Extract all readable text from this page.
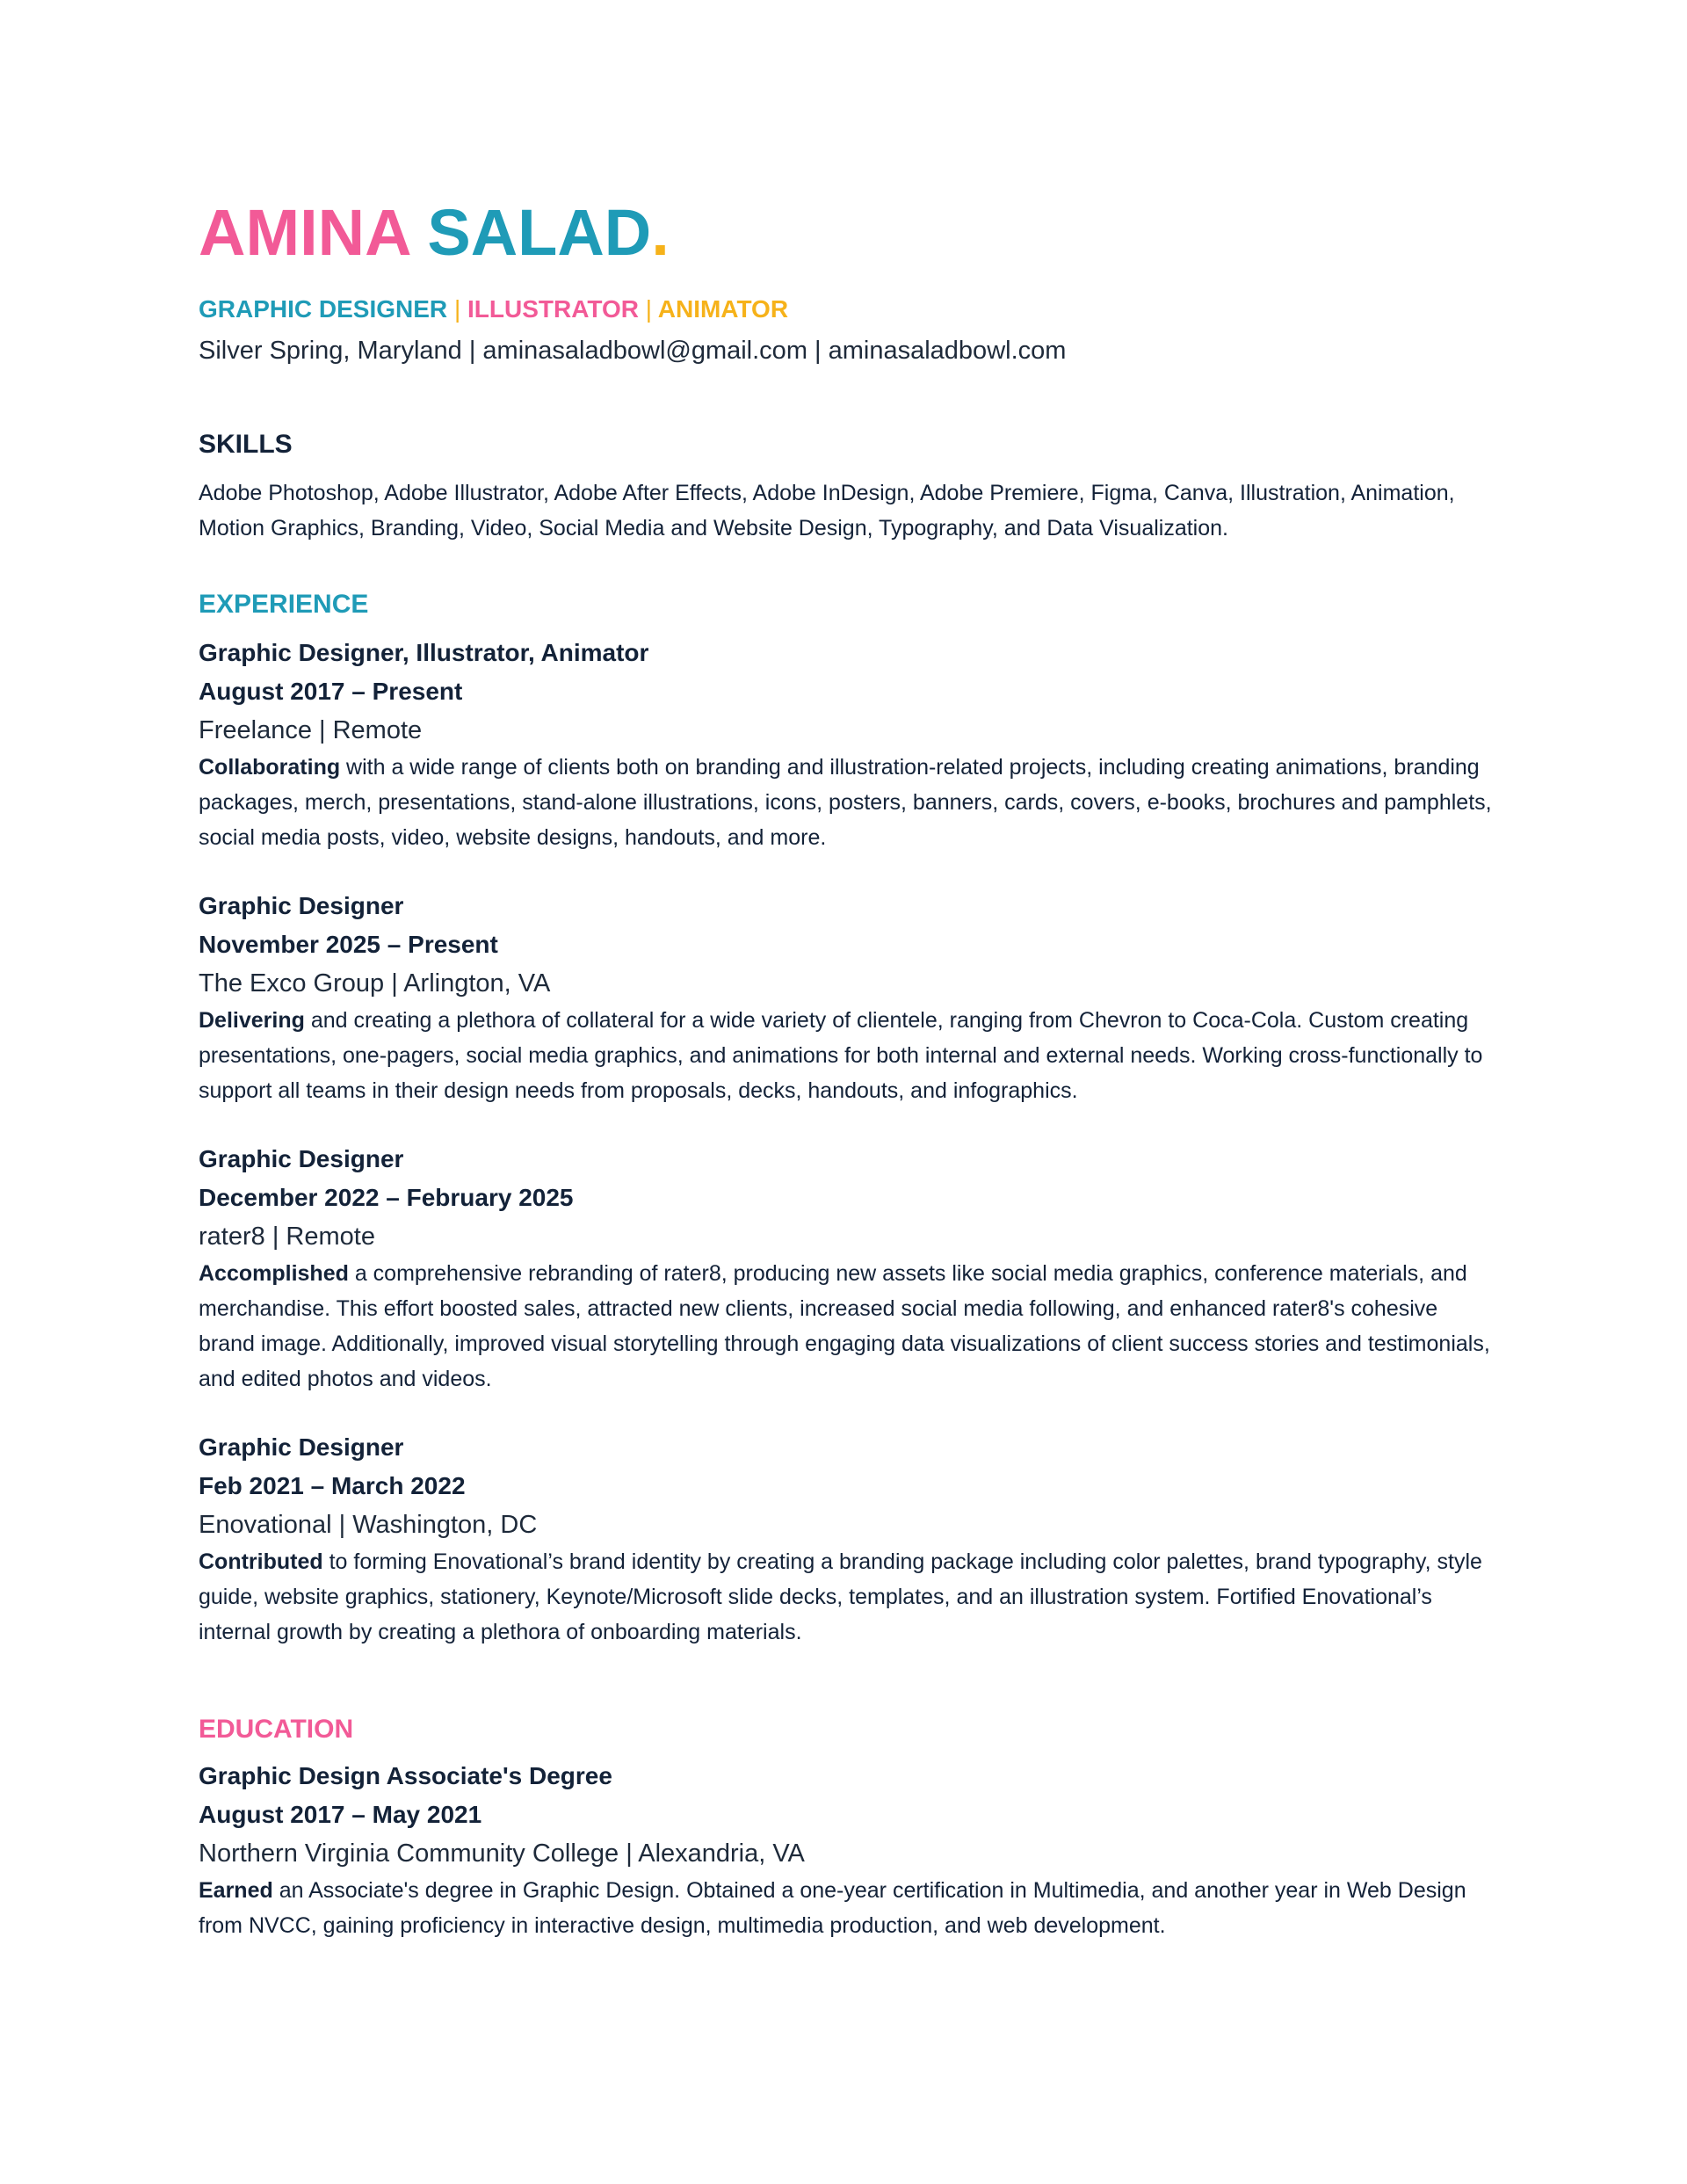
AMINA SALAD.
GRAPHIC DESIGNER | ILLUSTRATOR | ANIMATOR
Silver Spring, Maryland | aminasaladbowl@gmail.com | aminasaladbowl.com
SKILLS
Adobe Photoshop, Adobe Illustrator, Adobe After Effects, Adobe InDesign, Adobe Premiere, Figma, Canva, Illustration, Animation, Motion Graphics, Branding, Video, Social Media and Website Design, Typography, and Data Visualization.
EXPERIENCE
Graphic Designer, Illustrator, Animator
August 2017 – Present
Freelance | Remote
Collaborating with a wide range of clients both on branding and illustration-related projects, including creating animations, branding packages, merch, presentations, stand-alone illustrations, icons, posters, banners, cards, covers, e-books, brochures and pamphlets, social media posts, video, website designs, handouts, and more.
Graphic Designer
November 2025 – Present
The Exco Group | Arlington, VA
Delivering and creating a plethora of collateral for a wide variety of clientele, ranging from Chevron to Coca-Cola. Custom creating presentations, one-pagers, social media graphics, and animations for both internal and external needs. Working cross-functionally to support all teams in their design needs from proposals, decks, handouts, and infographics.
Graphic Designer
December 2022 – February 2025
rater8 | Remote
Accomplished a comprehensive rebranding of rater8, producing new assets like social media graphics, conference materials, and merchandise. This effort boosted sales, attracted new clients, increased social media following, and enhanced rater8's cohesive brand image. Additionally, improved visual storytelling through engaging data visualizations of client success stories and testimonials, and edited photos and videos.
Graphic Designer
Feb 2021 – March 2022
Enovational | Washington, DC
Contributed to forming Enovational’s brand identity by creating a branding package including color palettes, brand typography, style guide, website graphics, stationery, Keynote/Microsoft slide decks, templates, and an illustration system. Fortified Enovational’s internal growth by creating a plethora of onboarding materials.
EDUCATION
Graphic Design Associate's Degree
August 2017 – May 2021
Northern Virginia Community College | Alexandria, VA
Earned an Associate's degree in Graphic Design. Obtained a one-year certification in Multimedia, and another year in Web Design from NVCC, gaining proficiency in interactive design, multimedia production, and web development.
